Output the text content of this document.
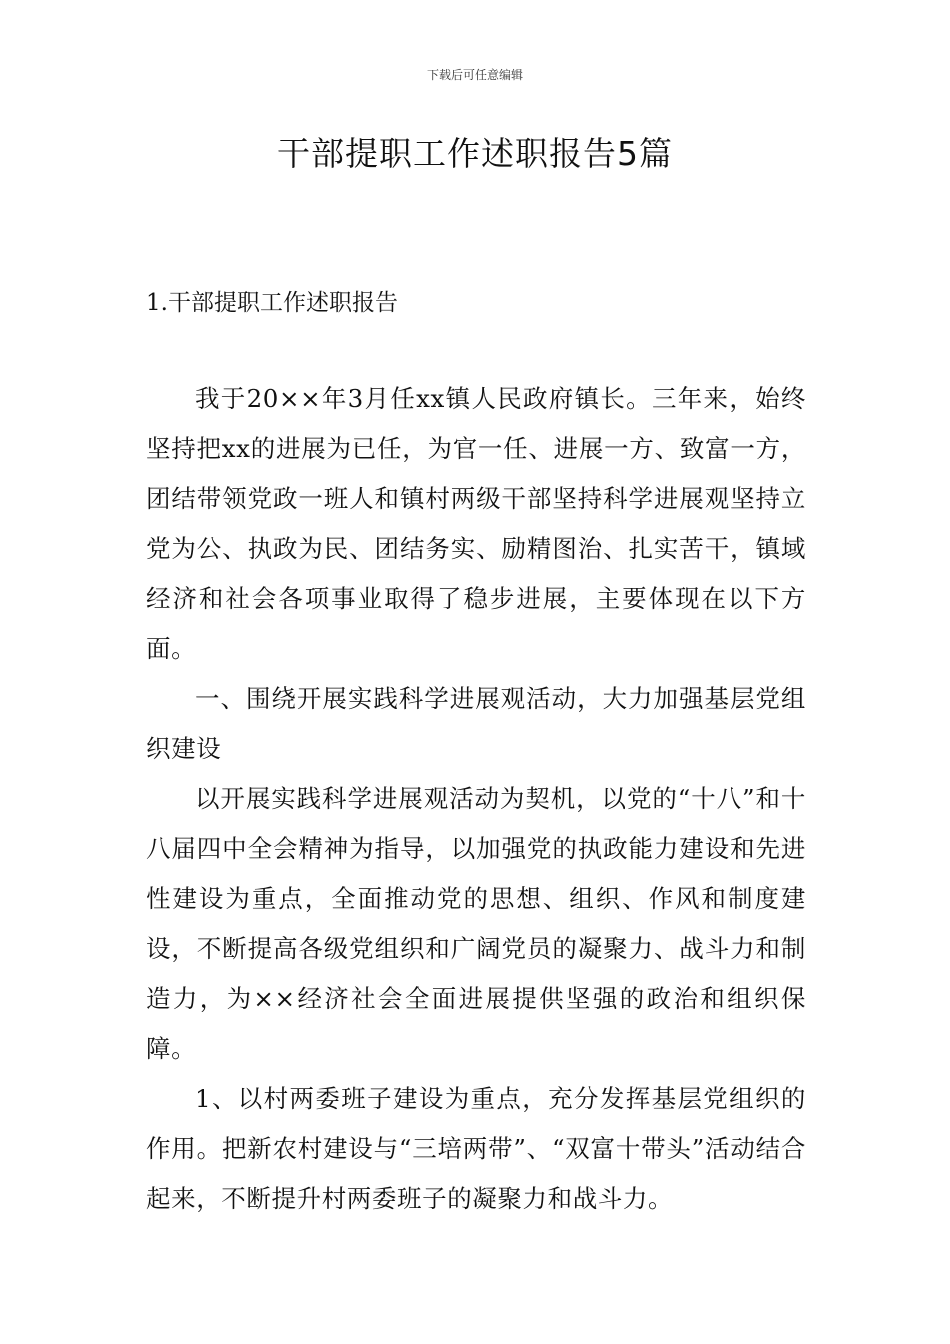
下载后可任意编辑
干部提职工作述职报告5篇
1.干部提职工作述职报告

我于20××年3月任xx镇人民政府镇长。三年来，始终坚持把xx的进展为已任，为官一任、进展一方、致富一方，团结带领党政一班人和镇村两级干部坚持科学进展观坚持立党为公、执政为民、团结务实、励精图治、扎实苦干，镇域经济和社会各项事业取得了稳步进展，主要体现在以下方面。

一、围绕开展实践科学进展观活动，大力加强基层党组织建设

以开展实践科学进展观活动为契机，以党的“十八”和十八届四中全会精神为指导，以加强党的执政能力建设和先进性建设为重点，全面推动党的思想、组织、作风和制度建设，不断提高各级党组织和广阔党员的凝聚力、战斗力和制造力，为××经济社会全面进展提供坚强的政治和组织保障。

1、以村两委班子建设为重点，充分发挥基层党组织的作用。把新农村建设与“三培两带”、“双富十带头”活动结合起来，不断提升村两委班子的凝聚力和战斗力。
